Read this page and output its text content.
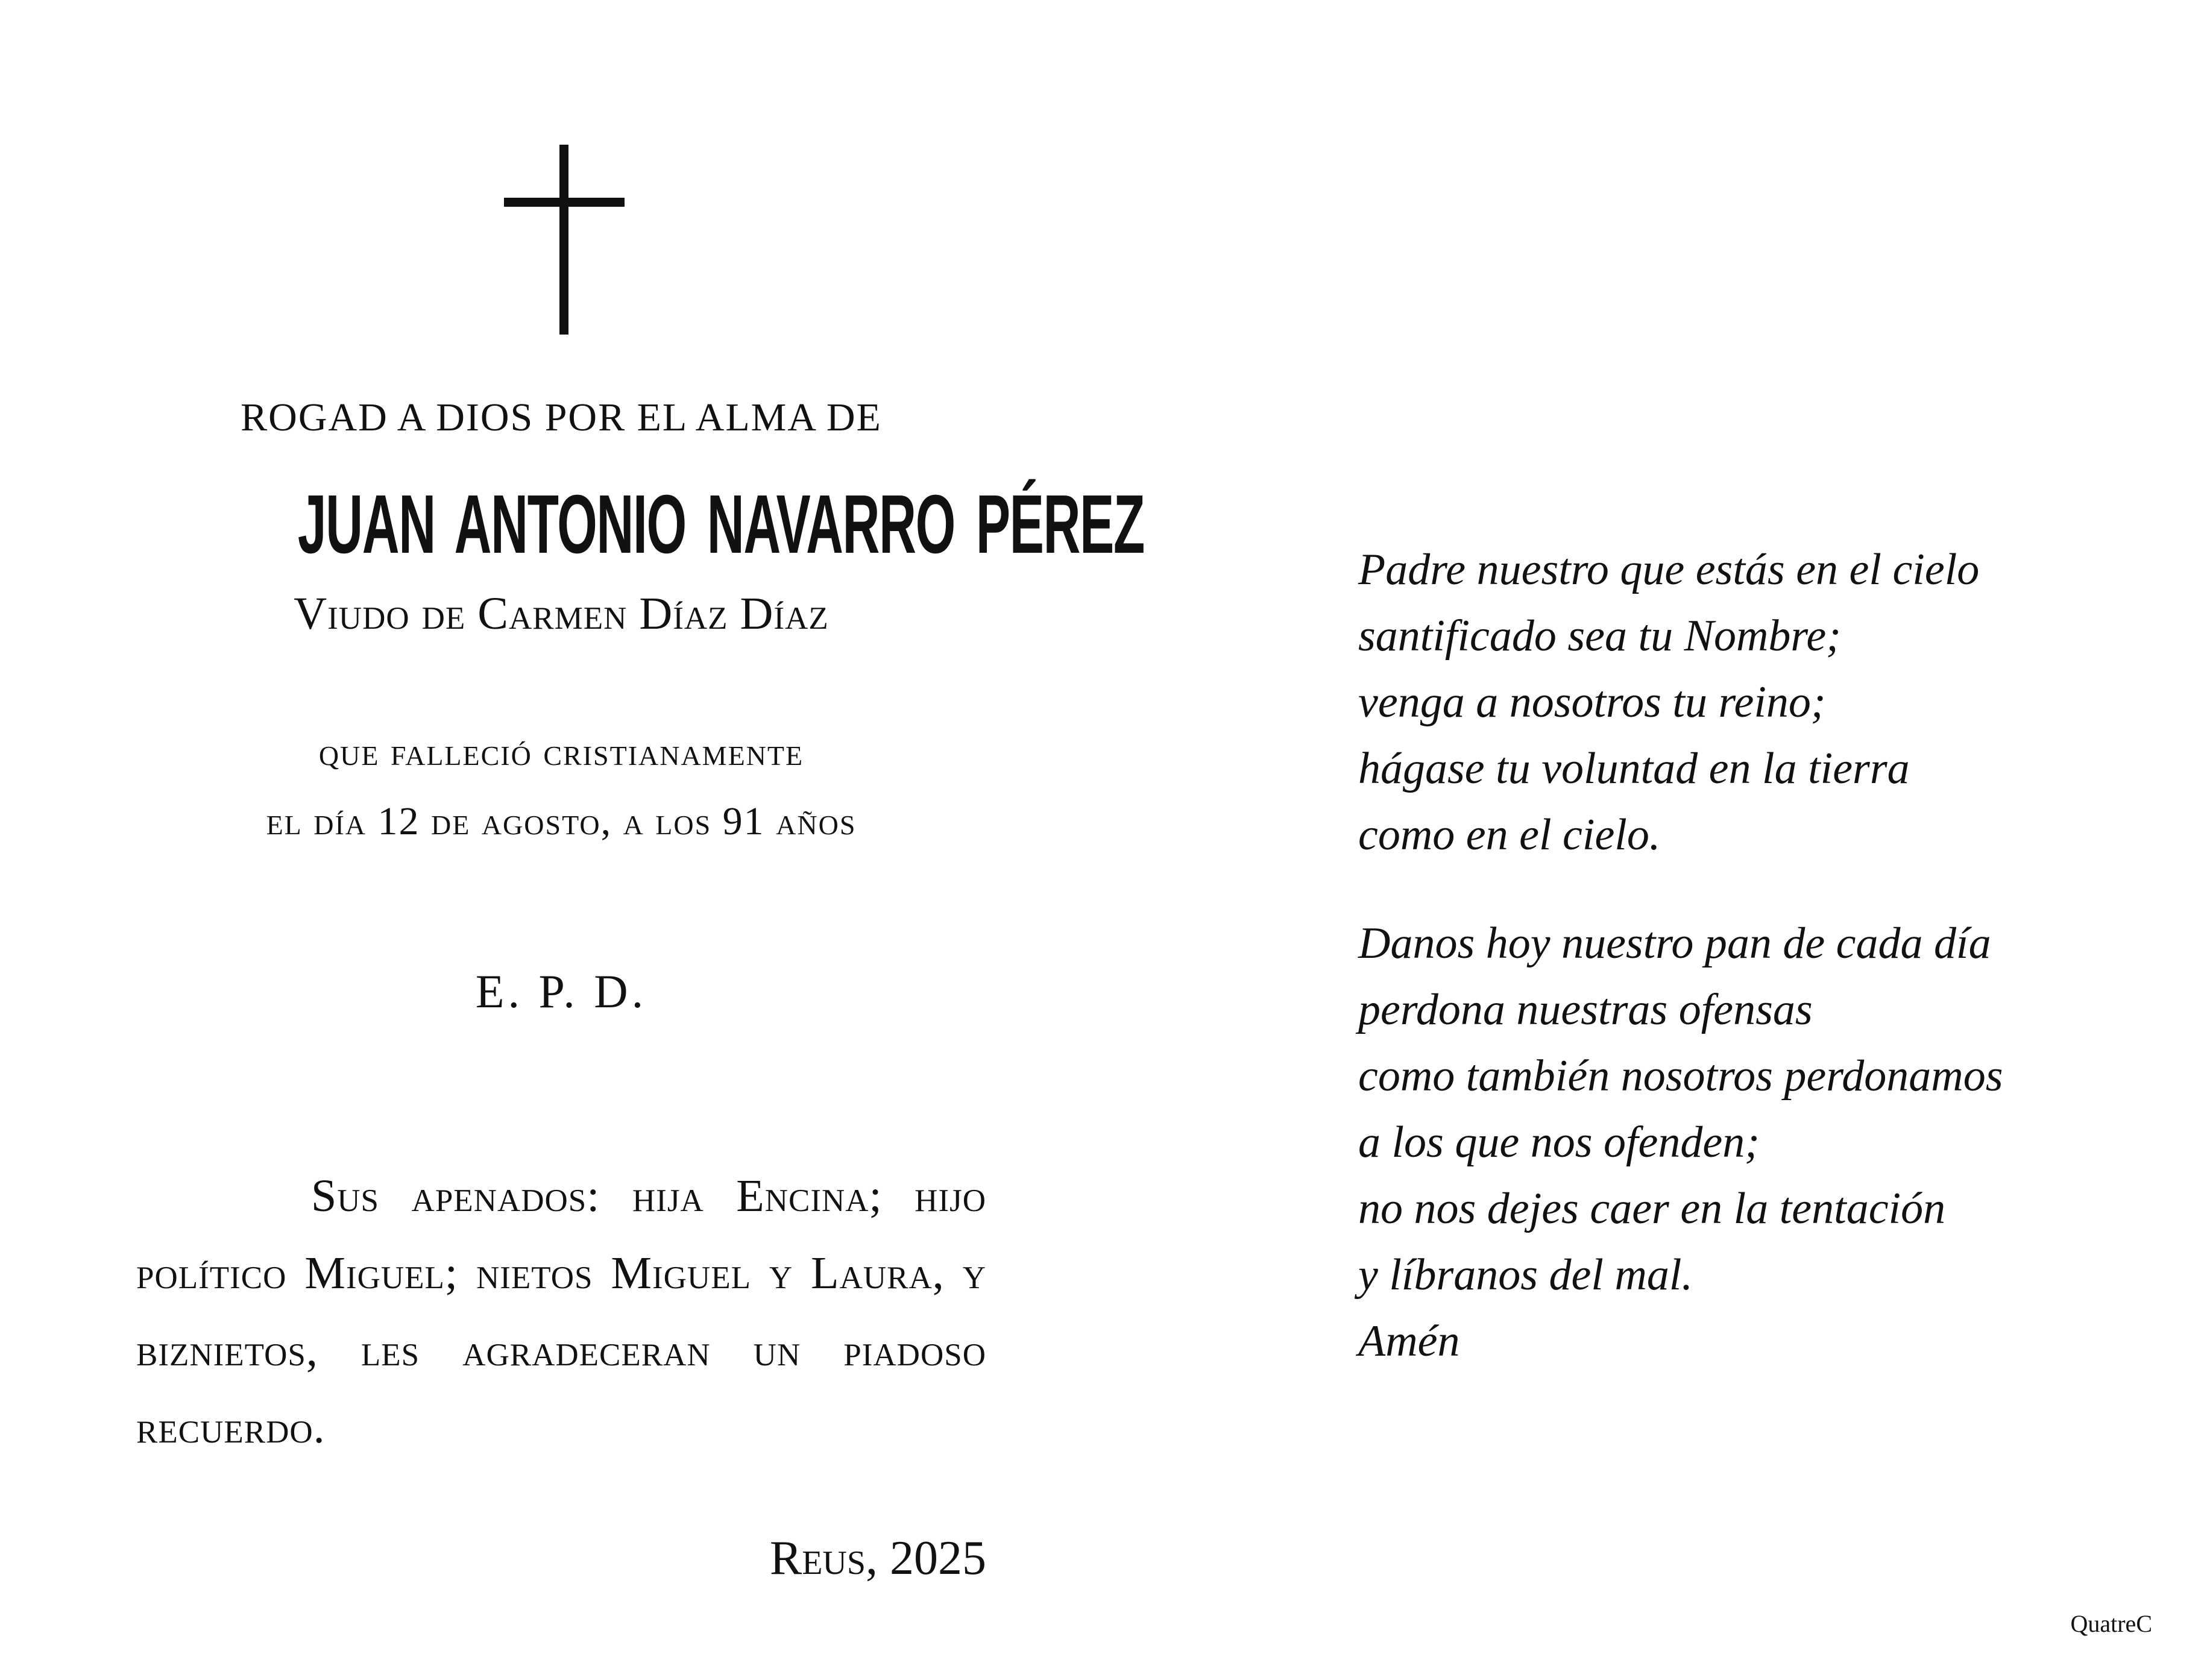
ROGAD A DIOS POR EL ALMA DE
JUAN ANTONIO NAVARRO PÉREZ
Viudo de Carmen Díaz Díaz
que falleció cristianamente
el día 12 de agosto, a los 91 años
E. P. D.
Sus apenados: hija Encina; hijo político Miguel; nietos Miguel y Laura, y biznietos, les agradeceran un piadoso recuerdo.
Reus, 2025
Padre nuestro que estás en el cielo
santificado sea tu Nombre;
venga a nosotros tu reino;
hágase tu voluntad en la tierra
como en el cielo.
Danos hoy nuestro pan de cada día
perdona nuestras ofensas
como también nosotros perdonamos
a los que nos ofenden;
no nos dejes caer en la tentación
y líbranos del mal.
Amén
QuatreC
